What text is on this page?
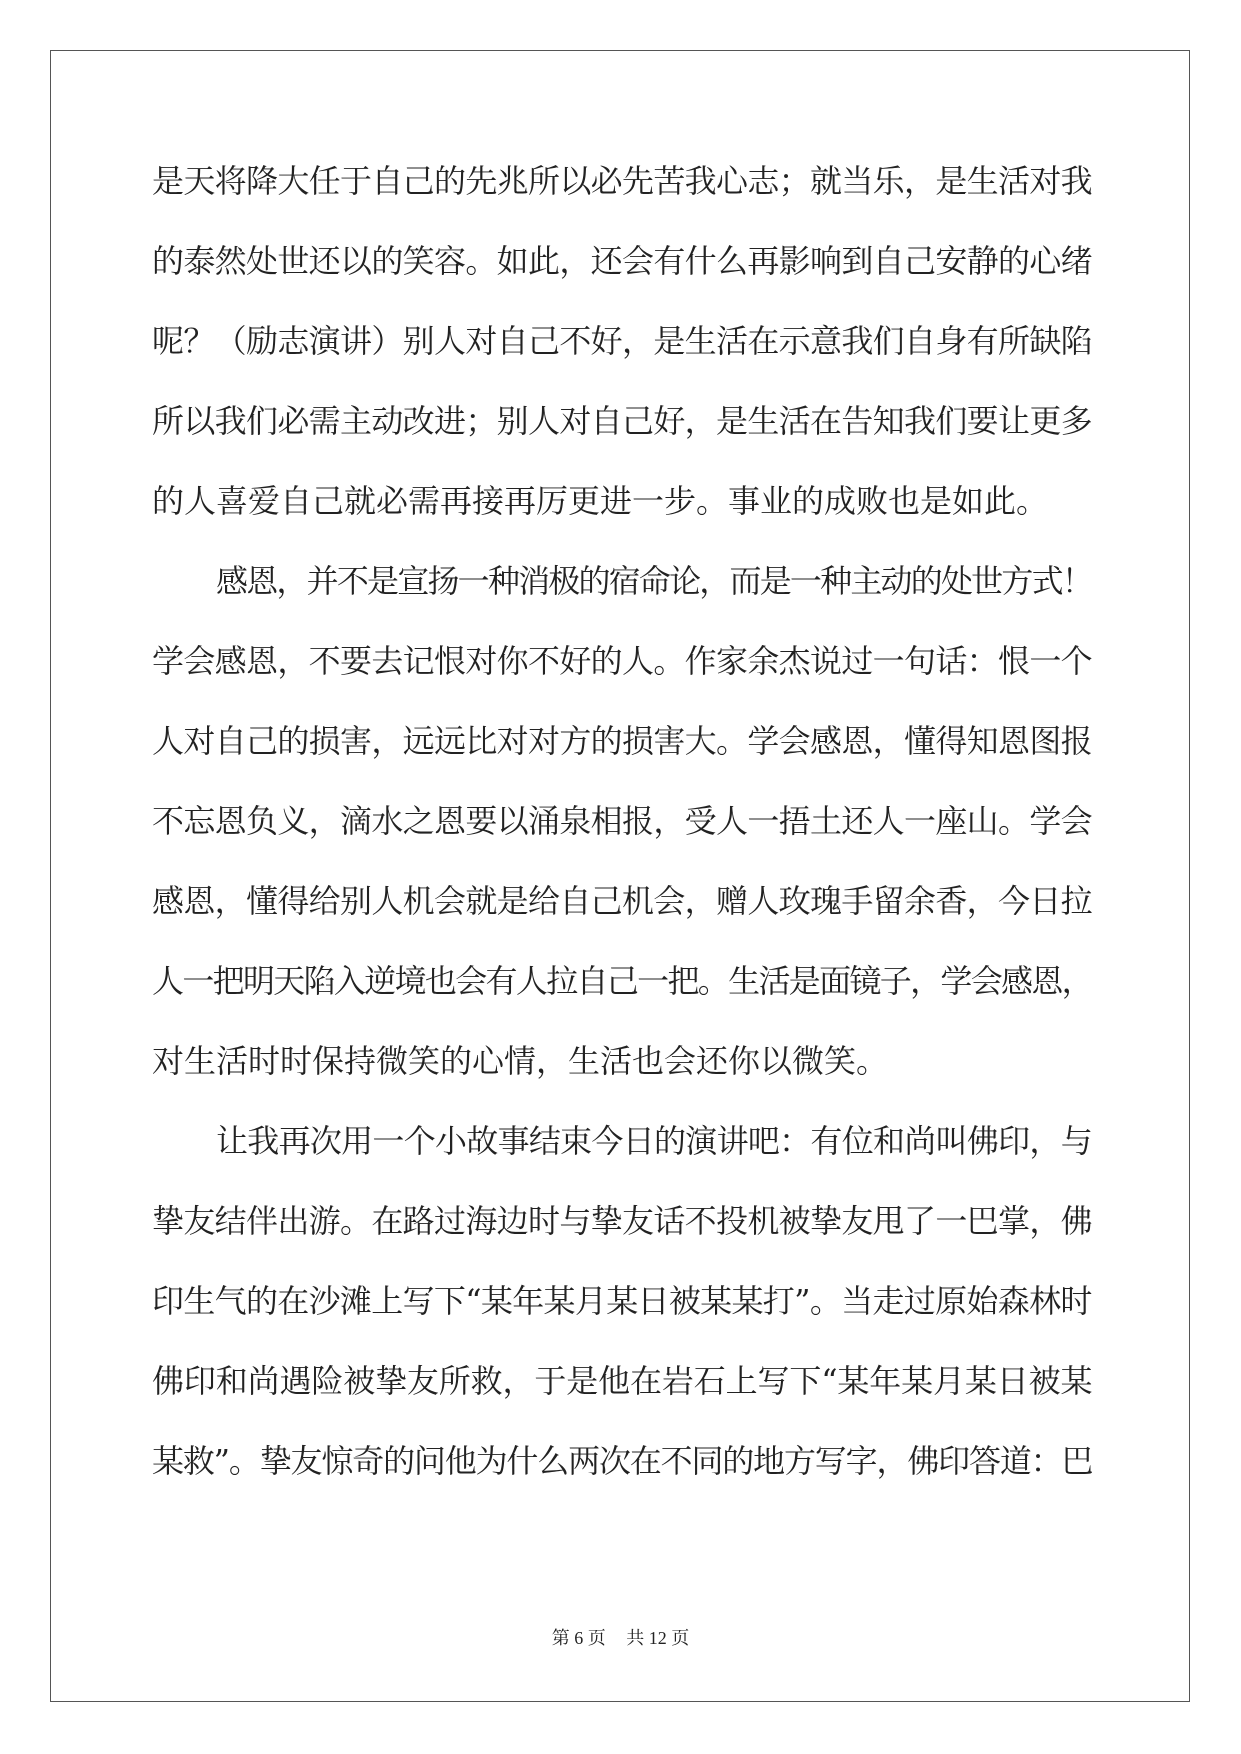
是天将降大任于自己的先兆所以必先苦我心志；就当乐，是生活对我
的泰然处世还以的笑容。如此，还会有什么再影响到自己安静的心绪
呢？（励志演讲）别人对自己不好，是生活在示意我们自身有所缺陷
所以我们必需主动改进；别人对自己好，是生活在告知我们要让更多
的人喜爱自己就必需再接再厉更进一步。事业的成败也是如此。
感恩，并不是宣扬一种消极的宿命论，而是一种主动的处世方式！
学会感恩，不要去记恨对你不好的人。作家余杰说过一句话：恨一个
人对自己的损害，远远比对对方的损害大。学会感恩，懂得知恩图报
不忘恩负义，滴水之恩要以涌泉相报，受人一捂土还人一座山。学会
感恩，懂得给别人机会就是给自己机会，赠人玫瑰手留余香，今日拉
人一把明天陷入逆境也会有人拉自己一把。生活是面镜子，学会感恩，
对生活时时保持微笑的心情，生活也会还你以微笑。
让我再次用一个小故事结束今日的演讲吧：有位和尚叫佛印，与
挚友结伴出游。在路过海边时与挚友话不投机被挚友甩了一巴掌，佛
印生气的在沙滩上写下“某年某月某日被某某打”。当走过原始森林时
佛印和尚遇险被挚友所救，于是他在岩石上写下“某年某月某日被某
某救”。挚友惊奇的问他为什么两次在不同的地方写字，佛印答道：巴
第 6 页 共 12 页
